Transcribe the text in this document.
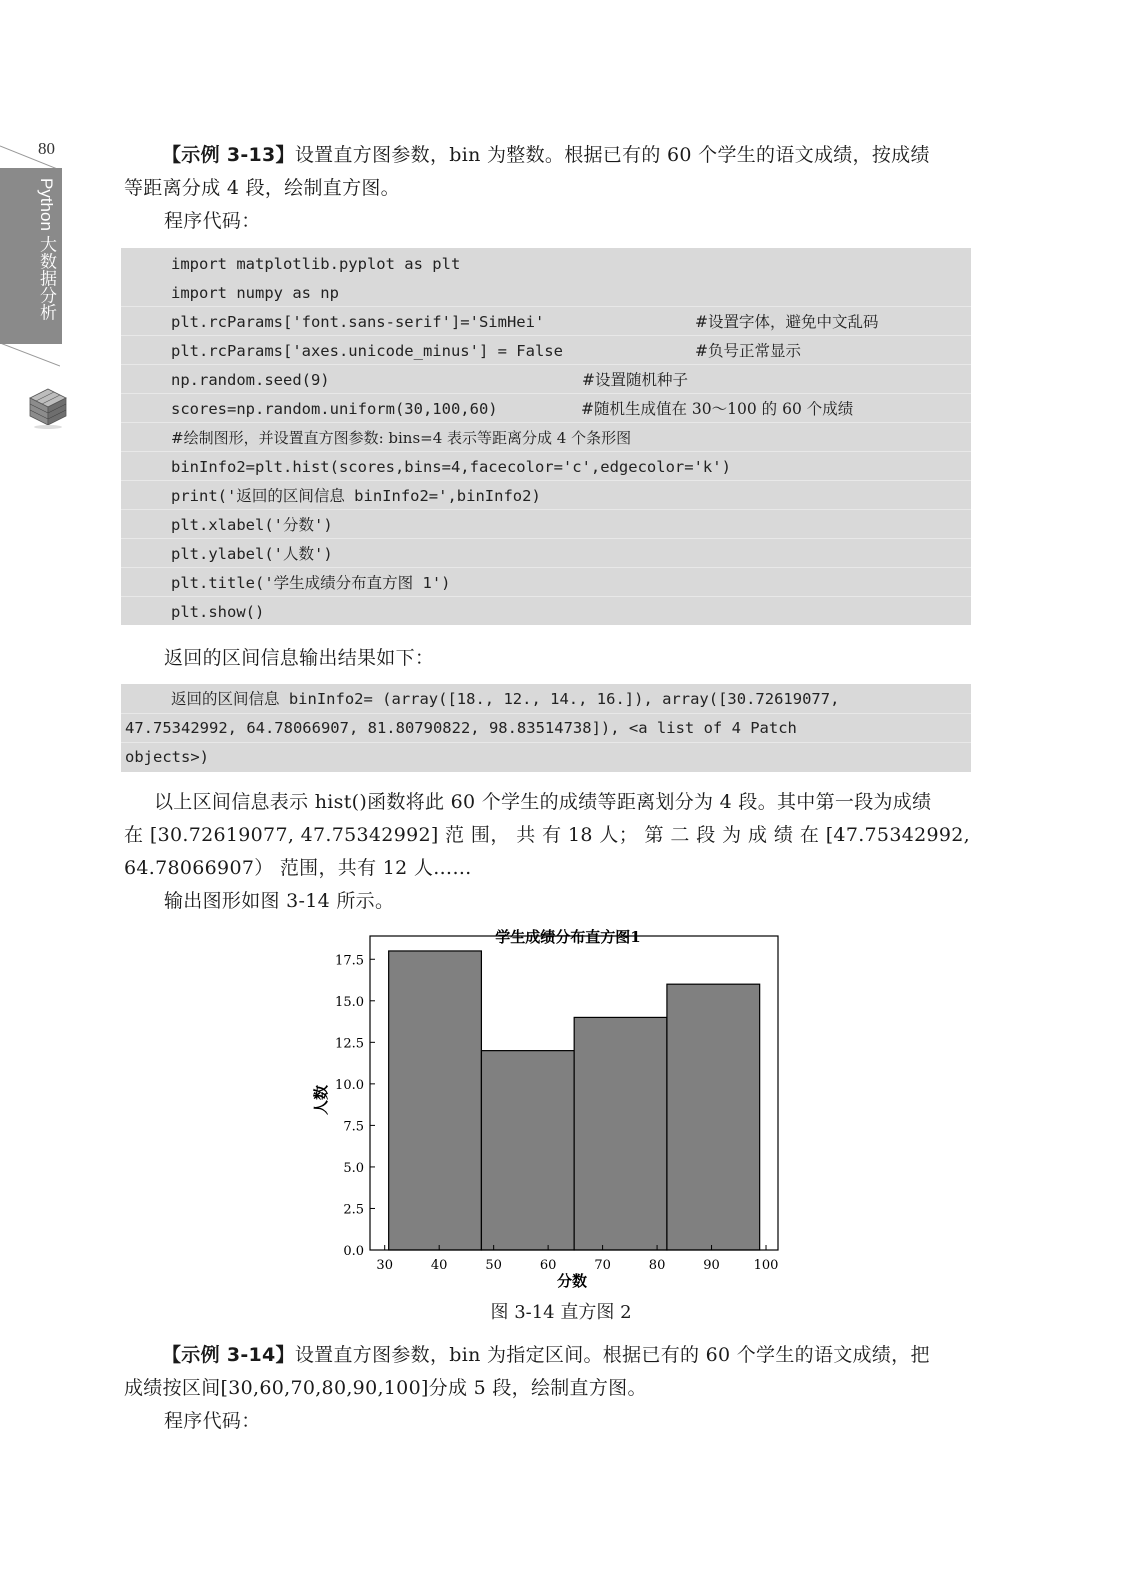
80
Python 大数据分析
【示例 3-13】设置直方图参数，bin 为整数。根据已有的 60 个学生的语文成绩，按成绩
等距离分成 4 段，绘制直方图。
程序代码：
import matplotlib.pyplot as plt
import numpy as np
plt.rcParams['font.sans-serif']='SimHei'	#设置字体，避免中文乱码
plt.rcParams['axes.unicode_minus'] = False	#负号正常显示
np.random.seed(9)	#设置随机种子
scores=np.random.uniform(30,100,60)	#随机生成值在 30～100 的 60 个成绩
#绘制图形，并设置直方图参数: bins=4 表示等距离分成 4 个条形图
binInfo2=plt.hist(scores,bins=4,facecolor='c',edgecolor='k')
print('返回的区间信息 binInfo2=',binInfo2)
plt.xlabel('分数')
plt.ylabel('人数')
plt.title('学生成绩分布直方图 1')
plt.show()
返回的区间信息输出结果如下：
返回的区间信息 binInfo2= (array([18., 12., 14., 16.]), array([30.72619077,
47.75342992, 64.78066907, 81.80790822, 98.83514738]), <a list of 4 Patch
objects>)
以上区间信息表示 hist()函数将此 60 个学生的成绩等距离划分为 4 段。其中第一段为成绩
在 [30.72619077, 47.75342992] 范 围， 共 有 18 人； 第 二 段 为 成 绩 在 [47.75342992,
64.78066907） 范围，共有 12 人……
输出图形如图 3-14 所示。
学生成绩分布直方图1
0.0
2.5
5.0
7.5
10.0
12.5
15.0
17.5
30	40	50	60	70	80	90	100
分数
人数
图 3-14 直方图 2
【示例 3-14】设置直方图参数，bin 为指定区间。根据已有的 60 个学生的语文成绩，把
成绩按区间[30,60,70,80,90,100]分成 5 段，绘制直方图。
程序代码：
